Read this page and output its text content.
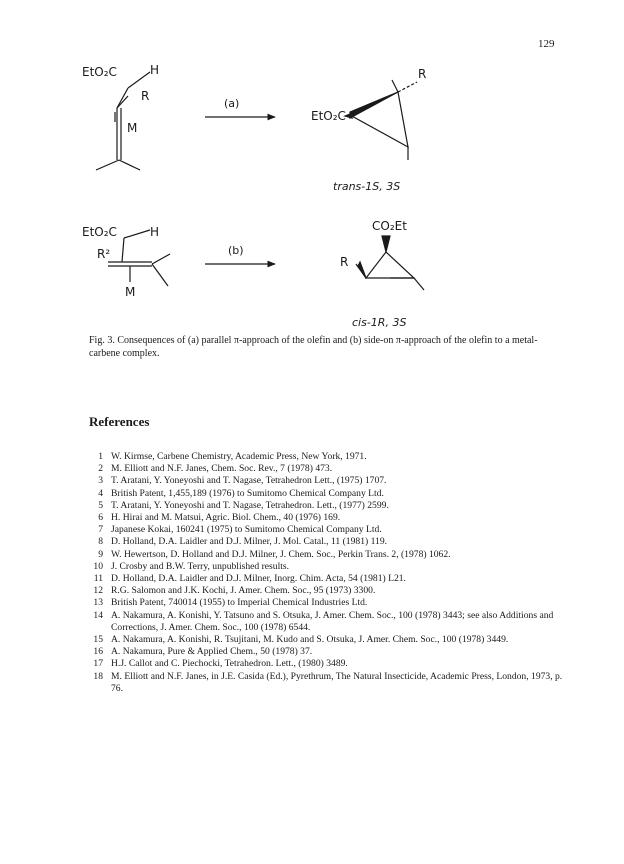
129
EtO₂C	H
R
M
(a)
R
EtO₂C
trans-1S, 3S
EtO₂C	H
R²
M
(b)
CO₂Et
R
cis-1R, 3S
Fig. 3. Consequences of (a) parallel π-approach of the olefin and (b) side-on π-approach of the olefin to a metal-carbene complex.
References
1 W. Kirmse, Carbene Chemistry, Academic Press, New York, 1971.
2 M. Elliott and N.F. Janes, Chem. Soc. Rev., 7 (1978) 473.
3 T. Aratani, Y. Yoneyoshi and T. Nagase, Tetrahedron Lett., (1975) 1707.
4 British Patent, 1,455,189 (1976) to Sumitomo Chemical Company Ltd.
5 T. Aratani, Y. Yoneyoshi and T. Nagase, Tetrahedron. Lett., (1977) 2599.
6 H. Hirai and M. Matsui, Agric. Biol. Chem., 40 (1976) 169.
7 Japanese Kokai, 160241 (1975) to Sumitomo Chemical Company Ltd.
8 D. Holland, D.A. Laidler and D.J. Milner, J. Mol. Catal., 11 (1981) 119.
9 W. Hewertson, D. Holland and D.J. Milner, J. Chem. Soc., Perkin Trans. 2, (1978) 1062.
10 J. Crosby and B.W. Terry, unpublished results.
11 D. Holland, D.A. Laidler and D.J. Milner, Inorg. Chim. Acta, 54 (1981) L21.
12 R.G. Salomon and J.K. Kochi, J. Amer. Chem. Soc., 95 (1973) 3300.
13 British Patent, 740014 (1955) to Imperial Chemical Industries Ltd.
14 A. Nakamura, A. Konishi, Y. Tatsuno and S. Otsuka, J. Amer. Chem. Soc., 100 (1978) 3443; see also Additions and Corrections, J. Amer. Chem. Soc., 100 (1978) 6544.
15 A. Nakamura, A. Konishi, R. Tsujitani, M. Kudo and S. Otsuka, J. Amer. Chem. Soc., 100 (1978) 3449.
16 A. Nakamura, Pure & Applied Chem., 50 (1978) 37.
17 H.J. Callot and C. Piechocki, Tetrahedron. Lett., (1980) 3489.
18 M. Elliott and N.F. Janes, in J.E. Casida (Ed.), Pyrethrum, The Natural Insecticide, Academic Press, London, 1973, p. 76.
